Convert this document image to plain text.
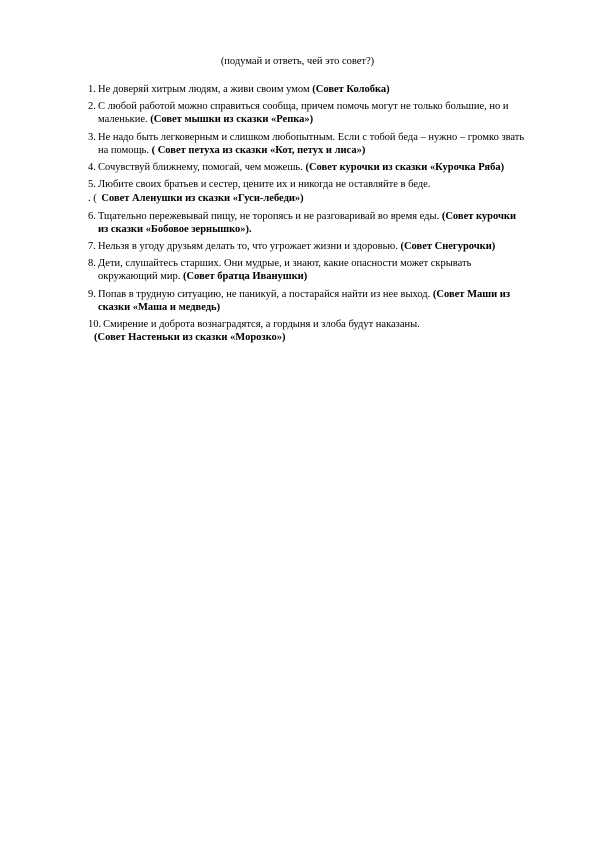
(подумай и ответь, чей это совет?)
1. Не доверяй хитрым людям, а живи своим умом (Совет Колобка)
2. С любой работой можно справиться сообща, причем помочь могут не только большие, но и маленькие. (Совет мышки из сказки «Репка»)
3. Не надо быть легковерным и слишком любопытным. Если с тобой беда – нужно – громко звать на помощь. ( Совет петуха из сказки «Кот, петух и лиса»)
4. Сочувствуй ближнему, помогай, чем можешь. (Совет курочки из сказки «Курочка Ряба)
5. Любите своих братьев и сестер, цените их и никогда не оставляйте в беде.
. ( Совет Аленушки из сказки «Гуси-лебеди»)
6. Тщательно пережевывай пищу, не торопясь и не разговаривай во время еды. (Совет курочки из сказки «Бобовое зернышко»).
7. Нельзя в угоду друзьям делать то, что угрожает жизни и здоровью. (Совет Снегурочки)
8. Дети, слушайтесь старших. Они мудрые, и знают, какие опасности может скрывать окружающий мир. (Совет братца Иванушки)
9. Попав в трудную ситуацию, не паникуй, а постарайся найти из нее выход. (Совет Маши из сказки «Маша и медведь)
10. Смирение и доброта вознаградятся, а гордыня и злоба будут наказаны.
(Совет Настеньки из сказки «Морозко»)
